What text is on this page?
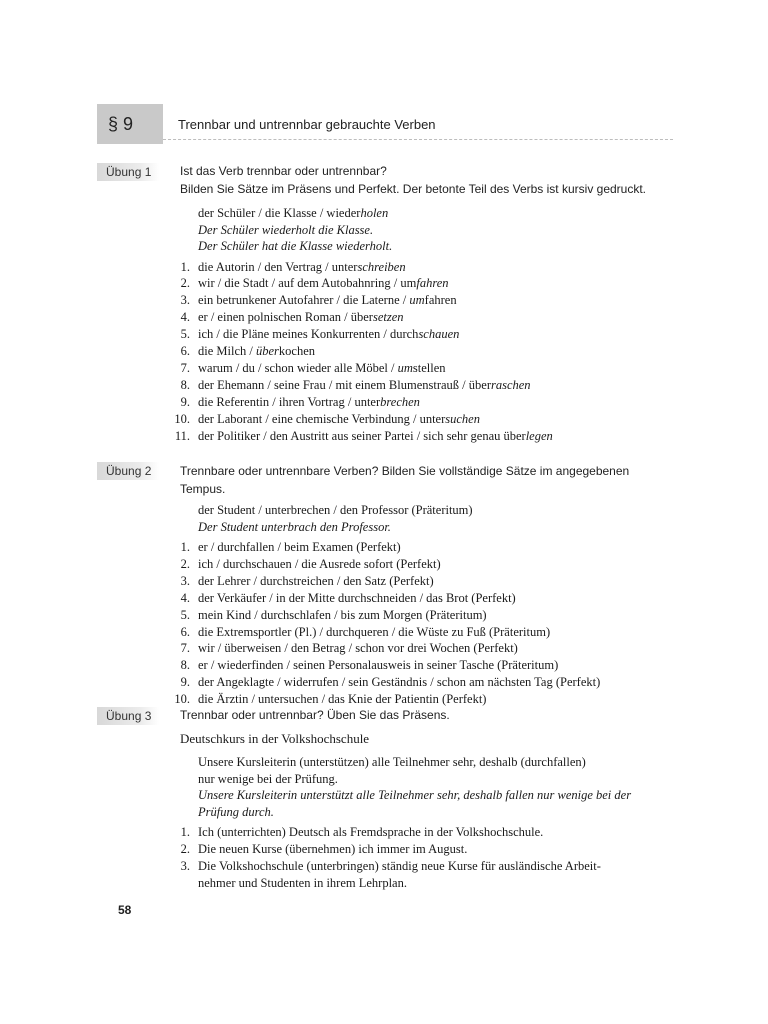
§ 9	Trennbar und untrennbar gebrauchte Verben
Übung 1	Ist das Verb trennbar oder untrennbar?
Bilden Sie Sätze im Präsens und Perfekt. Der betonte Teil des Verbs ist kursiv gedruckt.
der Schüler / die Klasse / wiederholen
Der Schüler wiederholt die Klasse.
Der Schüler hat die Klasse wiederholt.
1. die Autorin / den Vertrag / unterschreiben
2. wir / die Stadt / auf dem Autobahnring / umfahren
3. ein betrunkener Autofahrer / die Laterne / umfahren
4. er / einen polnischen Roman / übersetzen
5. ich / die Pläne meines Konkurrenten / durchschauen
6. die Milch / überkochen
7. warum / du / schon wieder alle Möbel / umstellen
8. der Ehemann / seine Frau / mit einem Blumenstrauß / überraschen
9. die Referentin / ihren Vortrag / unterbrechen
10. der Laborant / eine chemische Verbindung / untersuchen
11. der Politiker / den Austritt aus seiner Partei / sich sehr genau überlegen
Übung 2	Trennbare oder untrennbare Verben? Bilden Sie vollständige Sätze im angegebenen Tempus.
der Student / unterbrechen / den Professor (Präteritum)
Der Student unterbrach den Professor.
1. er / durchfallen / beim Examen (Perfekt)
2. ich / durchschauen / die Ausrede sofort (Perfekt)
3. der Lehrer / durchstreichen / den Satz (Perfekt)
4. der Verkäufer / in der Mitte durchschneiden / das Brot (Perfekt)
5. mein Kind / durchschlafen / bis zum Morgen (Präteritum)
6. die Extremsportler (Pl.) / durchqueren / die Wüste zu Fuß (Präteritum)
7. wir / überweisen / den Betrag / schon vor drei Wochen (Perfekt)
8. er / wiederfinden / seinen Personalausweis in seiner Tasche (Präteritum)
9. der Angeklagte / widerrufen / sein Geständnis / schon am nächsten Tag (Perfekt)
10. die Ärztin / untersuchen / das Knie der Patientin (Perfekt)
Übung 3	Trennbar oder untrennbar? Üben Sie das Präsens.
Deutschkurs in der Volkshochschule
Unsere Kursleiterin (unterstützen) alle Teilnehmer sehr, deshalb (durchfallen)
nur wenige bei der Prüfung.
Unsere Kursleiterin unterstützt alle Teilnehmer sehr, deshalb fallen nur wenige bei der
Prüfung durch.
1. Ich (unterrichten) Deutsch als Fremdsprache in der Volkshochschule.
2. Die neuen Kurse (übernehmen) ich immer im August.
3. Die Volkshochschule (unterbringen) ständig neue Kurse für ausländische Arbeit-
nehmer und Studenten in ihrem Lehrplan.
58
